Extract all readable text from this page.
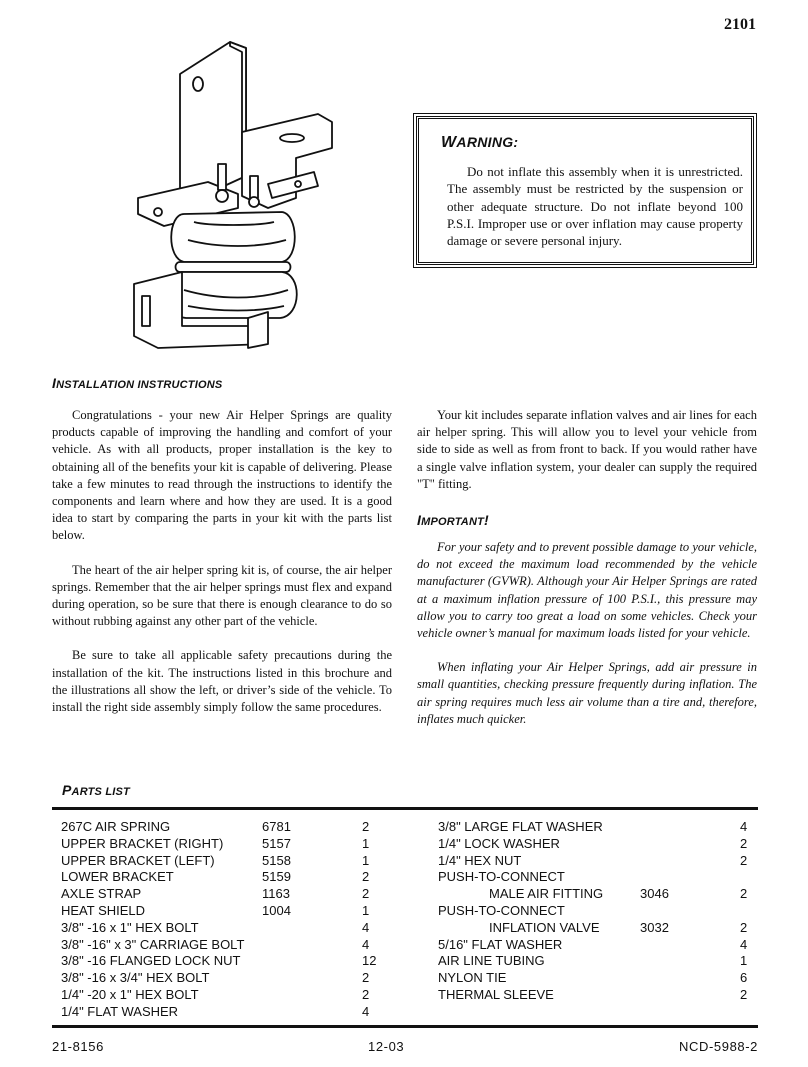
2101
WARNING:
Do not inflate this assembly when it is unrestricted. The assembly must be restricted by the suspension or other adequate structure. Do not inflate beyond 100 P.S.I. Improper use or over inflation may cause property damage or severe personal injury.
INSTALLATION INSTRUCTIONS

Congratulations - your new Air Helper Springs are quality products capable of improving the handling and comfort of your vehicle. As with all products, proper installation is the key to obtaining all of the benefits your kit is capable of delivering. Please take a few minutes to read through the instructions to identify the components and learn where and how they are used. It is a good idea to start by comparing the parts in your kit with the parts list below.

The heart of the air helper spring kit is, of course, the air helper springs. Remember that the air helper springs must flex and expand during operation, so be sure that there is enough clearance to do so without rubbing against any other part of the vehicle.

Be sure to take all applicable safety precautions during the installation of the kit. The instructions listed in this brochure and the illustrations all show the left, or driver’s side of the vehicle. To install the right side assembly simply follow the same procedures.

Your kit includes separate inflation valves and air lines for each air helper spring. This will allow you to level your vehicle from side to side as well as from front to back. If you would rather have a single valve inflation system, your dealer can supply the required "T" fitting.

IMPORTANT!

For your safety and to prevent possible damage to your vehicle, do not exceed the maximum load recommended by the vehicle manufacturer (GVWR). Although your Air Helper Springs are rated at a maximum inflation pressure of 100 P.S.I., this pressure may allow you to carry too great a load on some vehicles. Check your vehicle owner’s manual for maximum loads listed for your vehicle.

When inflating your Air Helper Springs, add air pressure in small quantities, checking pressure frequently during inflation. The air spring requires much less air volume than a tire and, therefore, inflates much quicker.

PARTS LIST
267C AIR SPRING	6781	2
UPPER BRACKET (RIGHT)	5157	1
UPPER BRACKET (LEFT)	5158	1
LOWER BRACKET	5159	2
AXLE STRAP	1163	2
HEAT SHIELD	1004	1
3/8" -16 x 1" HEX BOLT	4
3/8" -16" x 3" CARRIAGE BOLT	4
3/8" -16 FLANGED LOCK NUT	12
3/8" -16 x 3/4" HEX BOLT	2
1/4" -20 x 1" HEX BOLT	2
1/4" FLAT WASHER	4
3/8" LARGE FLAT WASHER	4
1/4" LOCK WASHER	2
1/4" HEX NUT	2
PUSH-TO-CONNECT
MALE AIR FITTING	3046	2
PUSH-TO-CONNECT
INFLATION VALVE	3032	2
5/16" FLAT WASHER	4
AIR LINE TUBING	1
NYLON TIE	6
THERMAL SLEEVE	2
21-8156	12-03	NCD-5988-2
